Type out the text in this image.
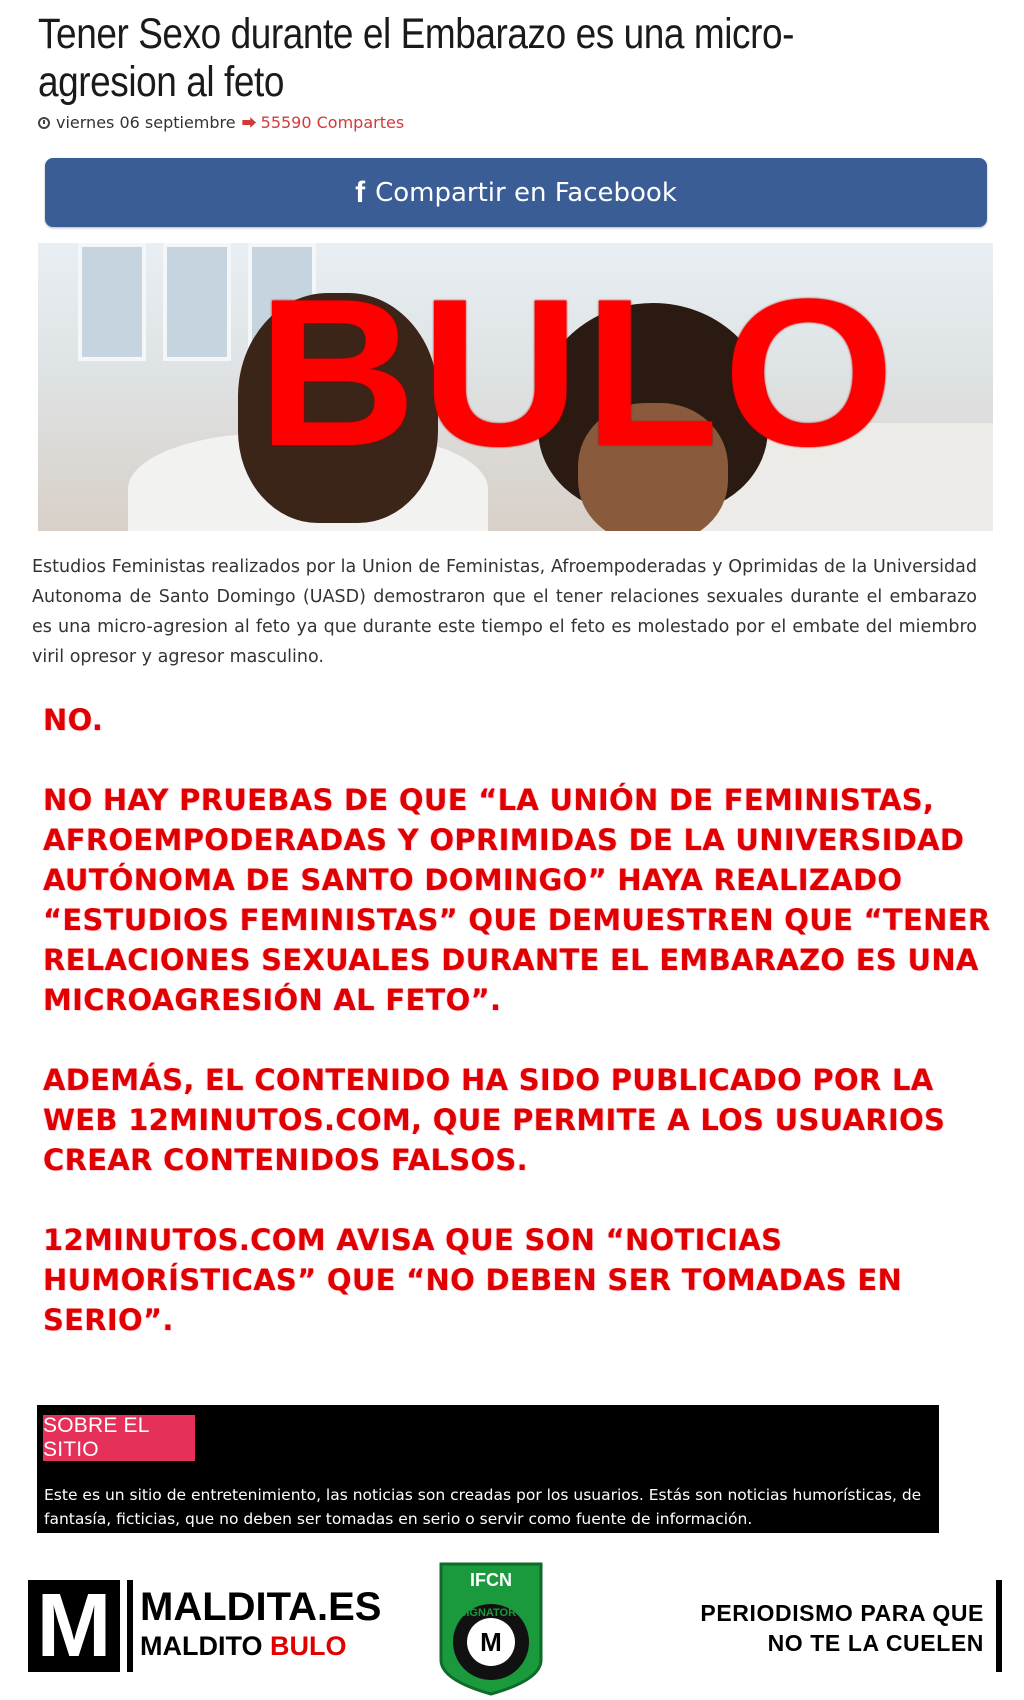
Tener Sexo durante el Embarazo es una micro-agresion al feto
viernes 06 septiembre ⮕ 55590 Compartes
f Compartir en Facebook
BULO
Estudios Feministas realizados por la Union de Feministas, Afroempoderadas y Oprimidas de la Universidad Autonoma de Santo Domingo (UASD) demostraron que el tener relaciones sexuales durante el embarazo es una micro-agresion al feto ya que durante este tiempo el feto es molestado por el embate del miembro viril opresor y agresor masculino.

NO.

NO HAY PRUEBAS DE QUE “LA UNIÓN DE FEMINISTAS, AFROEMPODERADAS Y OPRIMIDAS DE LA UNIVERSIDAD AUTÓNOMA DE SANTO DOMINGO” HAYA REALIZADO “ESTUDIOS FEMINISTAS” QUE DEMUESTREN QUE “TENER RELACIONES SEXUALES DURANTE EL EMBARAZO ES UNA MICROAGRESIÓN AL FETO”.

ADEMÁS, EL CONTENIDO HA SIDO PUBLICADO POR LA WEB 12MINUTOS.COM, QUE PERMITE A LOS USUARIOS CREAR CONTENIDOS FALSOS.

12MINUTOS.COM AVISA QUE SON “NOTICIAS HUMORÍSTICAS” QUE “NO DEBEN SER TOMADAS EN SERIO”.

SOBRE EL SITIO
Este es un sitio de entretenimiento, las noticias son creadas por los usuarios. Estás son noticias humorísticas, de fantasía, ficticias, que no deben ser tomadas en serio o servir como fuente de información.
M MALDITA.ES
MALDITO BULO
IFCN
M
SIGNATORY	PERIODISMO PARA QUE
NO TE LA CUELEN
